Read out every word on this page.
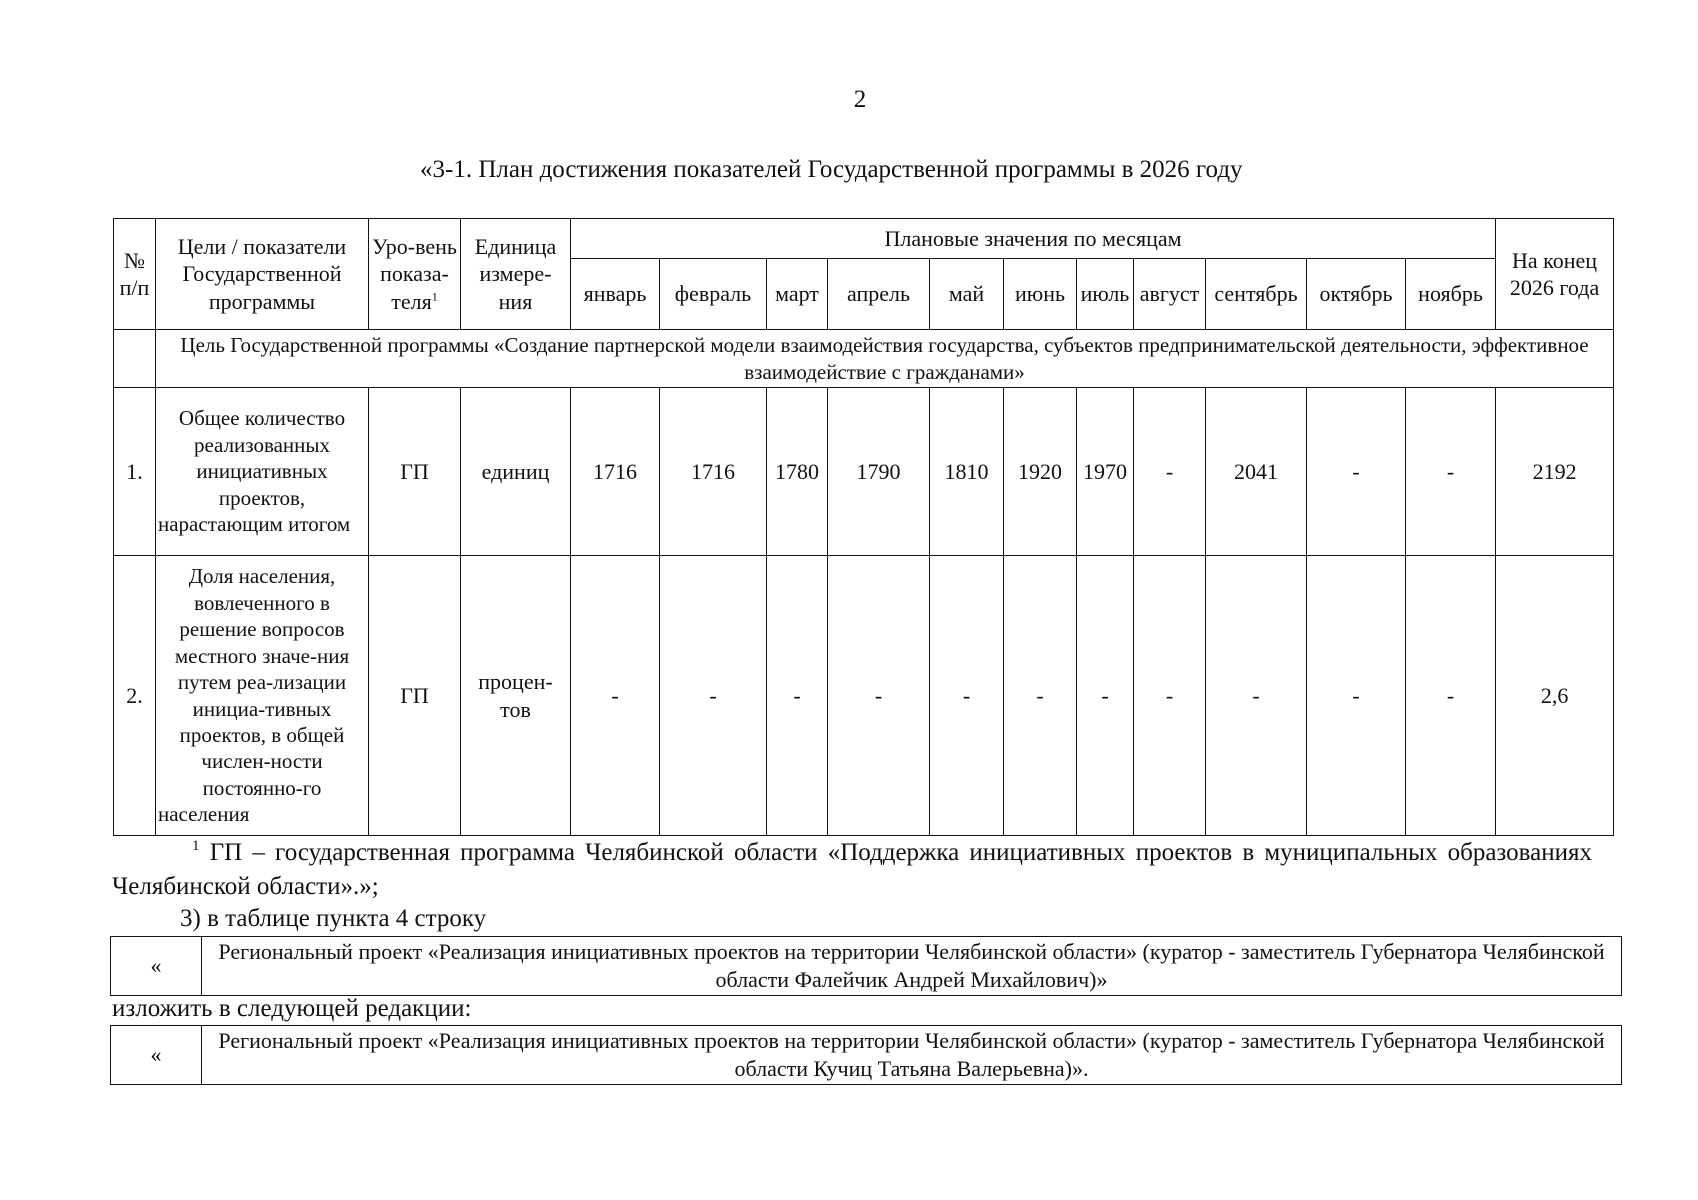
2
«3-1. План достижения показателей Государственной программы в 2026 году
№ п/п	Цели / показатели Государственной программы	Уро-вень показа-теля$^1$	Единица измере-ния	Плановые значения по месяцам											На конец 2026 года
				январь	февраль	март	апрель	май	июнь	июль	август	сентябрь	октябрь	ноябрь	
	Цель Государственной программы «Создание партнерской модели взаимодействия государства, субъектов предпринимательской деятельности, эффективное взаимодействие с гражданами»														
1.	Общее количество реализованных инициативных проектов, нарастающим итогом	ГП	единиц	1716	1716	1780	1790	1810	1920	1970	-	2041	-	-	2192
2.	Доля населения, вовлеченного в решение вопросов местного значе-ния путем реа-лизации инициа-тивных проектов, в общей числен-ности постоянно-го населения	ГП	процен-тов	-	-	-	-	-	-	-	-	-	-	-	2,6
$^1$ ГП – государственная программа Челябинской области «Поддержка инициативных проектов в муниципальных образованиях Челябинской области».»;
3) в таблице пункта 4 строку
«	Региональный проект «Реализация инициативных проектов на территории Челябинской области» (куратор - заместитель Губернатора Челябинской области Фалейчик Андрей Михайлович)»
изложить в следующей редакции:
«	Региональный проект «Реализация инициативных проектов на территории Челябинской области» (куратор - заместитель Губернатора Челябинской области Кучиц Татьяна Валерьевна)».
